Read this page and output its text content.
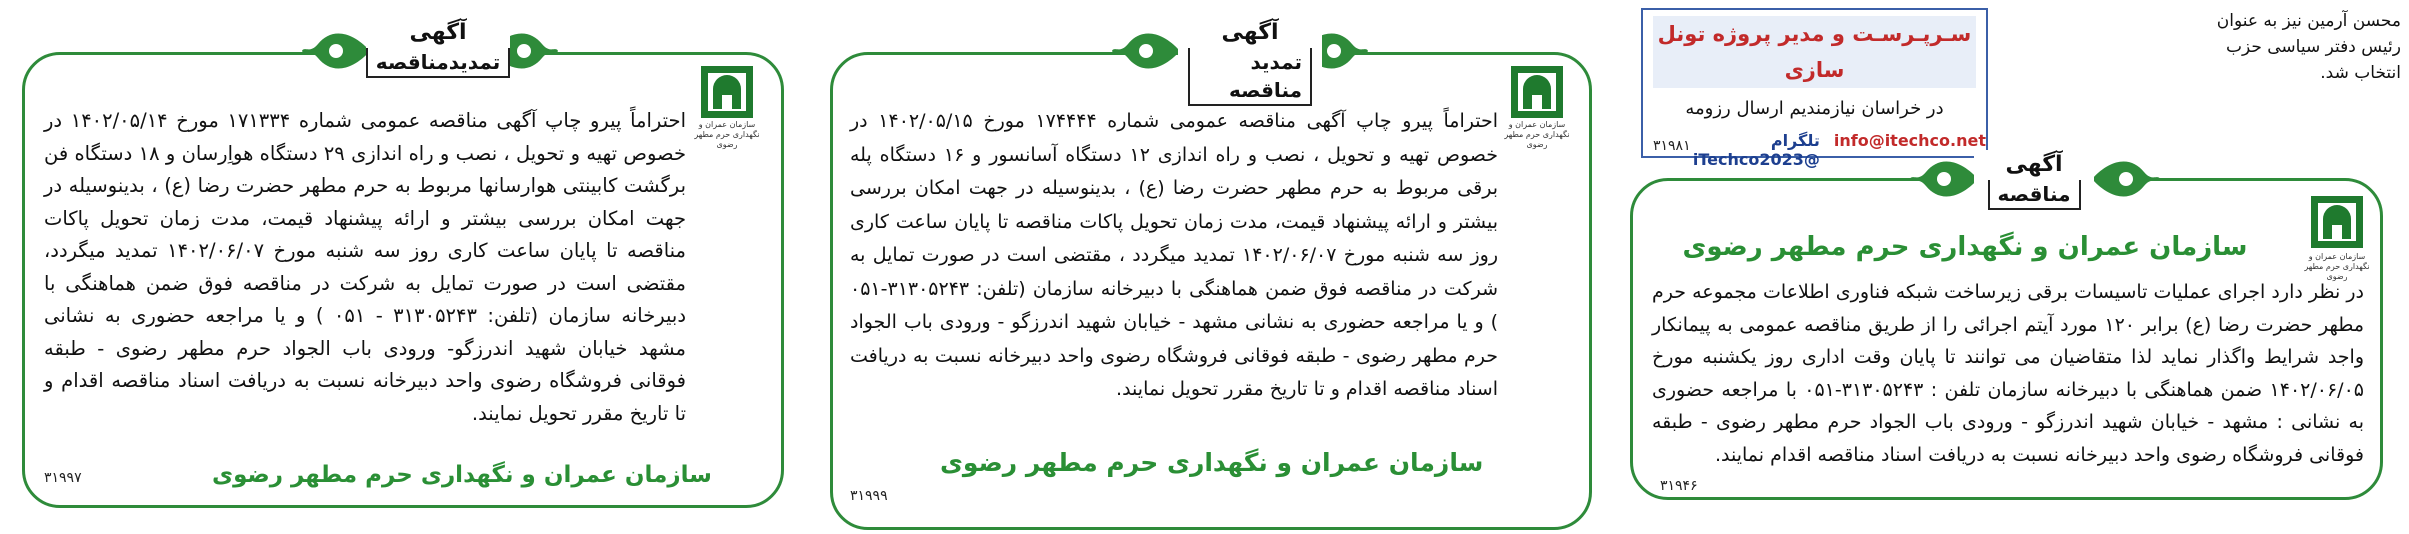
محسن آرمین نیز به عنوان رئیس دفتر سیاسی حزب انتخاب شد.
سـرپـرسـت و مدیر پروژه تونل سازی
در خراسان نیازمندیم ارسال رزومه
info@itechco.net
تلگرام @iTechco2023
۳۱۹۸۱
آگهی
مناقصه
سازمان عمران و نگهداری حرم مطهر رضوی
سازمان عمران و نگهداری حرم مطهر رضوی
در نظر دارد اجرای عملیات تاسیسات برقی زیرساخت شبکه فناوری اطلاعات مجموعه حرم مطهر حضرت رضا (ع) برابر ۱۲۰ مورد آیتم اجرائی را از طریق مناقصه عمومی به پیمانکار واجد شرایط واگذار نماید لذا متقاضیان می توانند تا پایان وقت اداری روز یکشنبه مورخ ۱۴۰۲/۰۶/۰۵ ضمن هماهنگی با دبیرخانه سازمان تلفن : ۳۱۳۰۵۲۴۳-۰۵۱ با مراجعه حضوری به نشانی : مشهد - خیابان شهید اندرزگو - ورودی باب الجواد حرم مطهر رضوی - طبقه فوقانی فروشگاه رضوی واحد دبیرخانه نسبت به دریافت اسناد مناقصه اقدام نمایند.
۳۱۹۴۶
آگهی
تمدید مناقصه
سازمان عمران و نگهداری حرم مطهر رضوی
احتراماً پیرو چاپ آگهی مناقصه عمومی شماره ۱۷۴۴۴۴ مورخ ۱۴۰۲/۰۵/۱۵ در خصوص تهیه و تحویل ، نصب و راه اندازی ۱۲ دستگاه آسانسور و ۱۶ دستگاه پله برقی مربوط به حرم مطهر حضرت رضا (ع) ، بدینوسیله در جهت امکان بررسی بیشتر و ارائه پیشنهاد قیمت، مدت زمان تحویل پاکات مناقصه تا پایان ساعت کاری روز سه شنبه مورخ ۱۴۰۲/۰۶/۰۷ تمدید میگردد ، مقتضی است در صورت تمایل به شرکت در مناقصه فوق ضمن هماهنگی با دبیرخانه سازمان (تلفن: ۳۱۳۰۵۲۴۳-۰۵۱ ) و یا مراجعه حضوری به نشانی مشهد - خیابان شهید اندرزگو - ورودی باب الجواد حرم مطهر رضوی - طبقه فوقانی فروشگاه رضوی واحد دبیرخانه نسبت به دریافت اسناد مناقصه اقدام و تا تاریخ مقرر تحویل نمایند.
سازمان عمران و نگهداری حرم مطهر رضوی
۳۱۹۹۹
آگهی
تمدیدمناقصه
سازمان عمران و نگهداری حرم مطهر رضوی
احتراماً پیرو چاپ آگهی مناقصه عمومی شماره ۱۷۱۳۳۴ مورخ ۱۴۰۲/۰۵/۱۴ در خصوص تهیه و تحویل ، نصب و راه اندازی ۲۹ دستگاه هواِرسان و ۱۸ دستگاه فن برگشت کابینتی هوارسانها مربوط به حرم مطهر حضرت رضا (ع) ، بدینوسیله در جهت امکان بررسی بیشتر و ارائه پیشنهاد قیمت، مدت زمان تحویل پاکات مناقصه تا پایان ساعت کاری روز سه شنبه مورخ ۱۴۰۲/۰۶/۰۷ تمدید میگردد، مقتضی است در صورت تمایل به شرکت در مناقصه فوق ضمن هماهنگی با دبیرخانه سازمان (تلفن: ۳۱۳۰۵۲۴۳ - ۰۵۱ ) و یا مراجعه حضوری به نشانی مشهد خیابان شهید اندرزگو- ورودی باب الجواد حرم مطهر رضوی - طبقه فوقانی فروشگاه رضوی واحد دبیرخانه نسبت به دریافت اسناد مناقصه اقدام و تا تاریخ مقرر تحویل نمایند.
سازمان عمران و نگهداری حرم مطهر رضوی
۳۱۹۹۷
